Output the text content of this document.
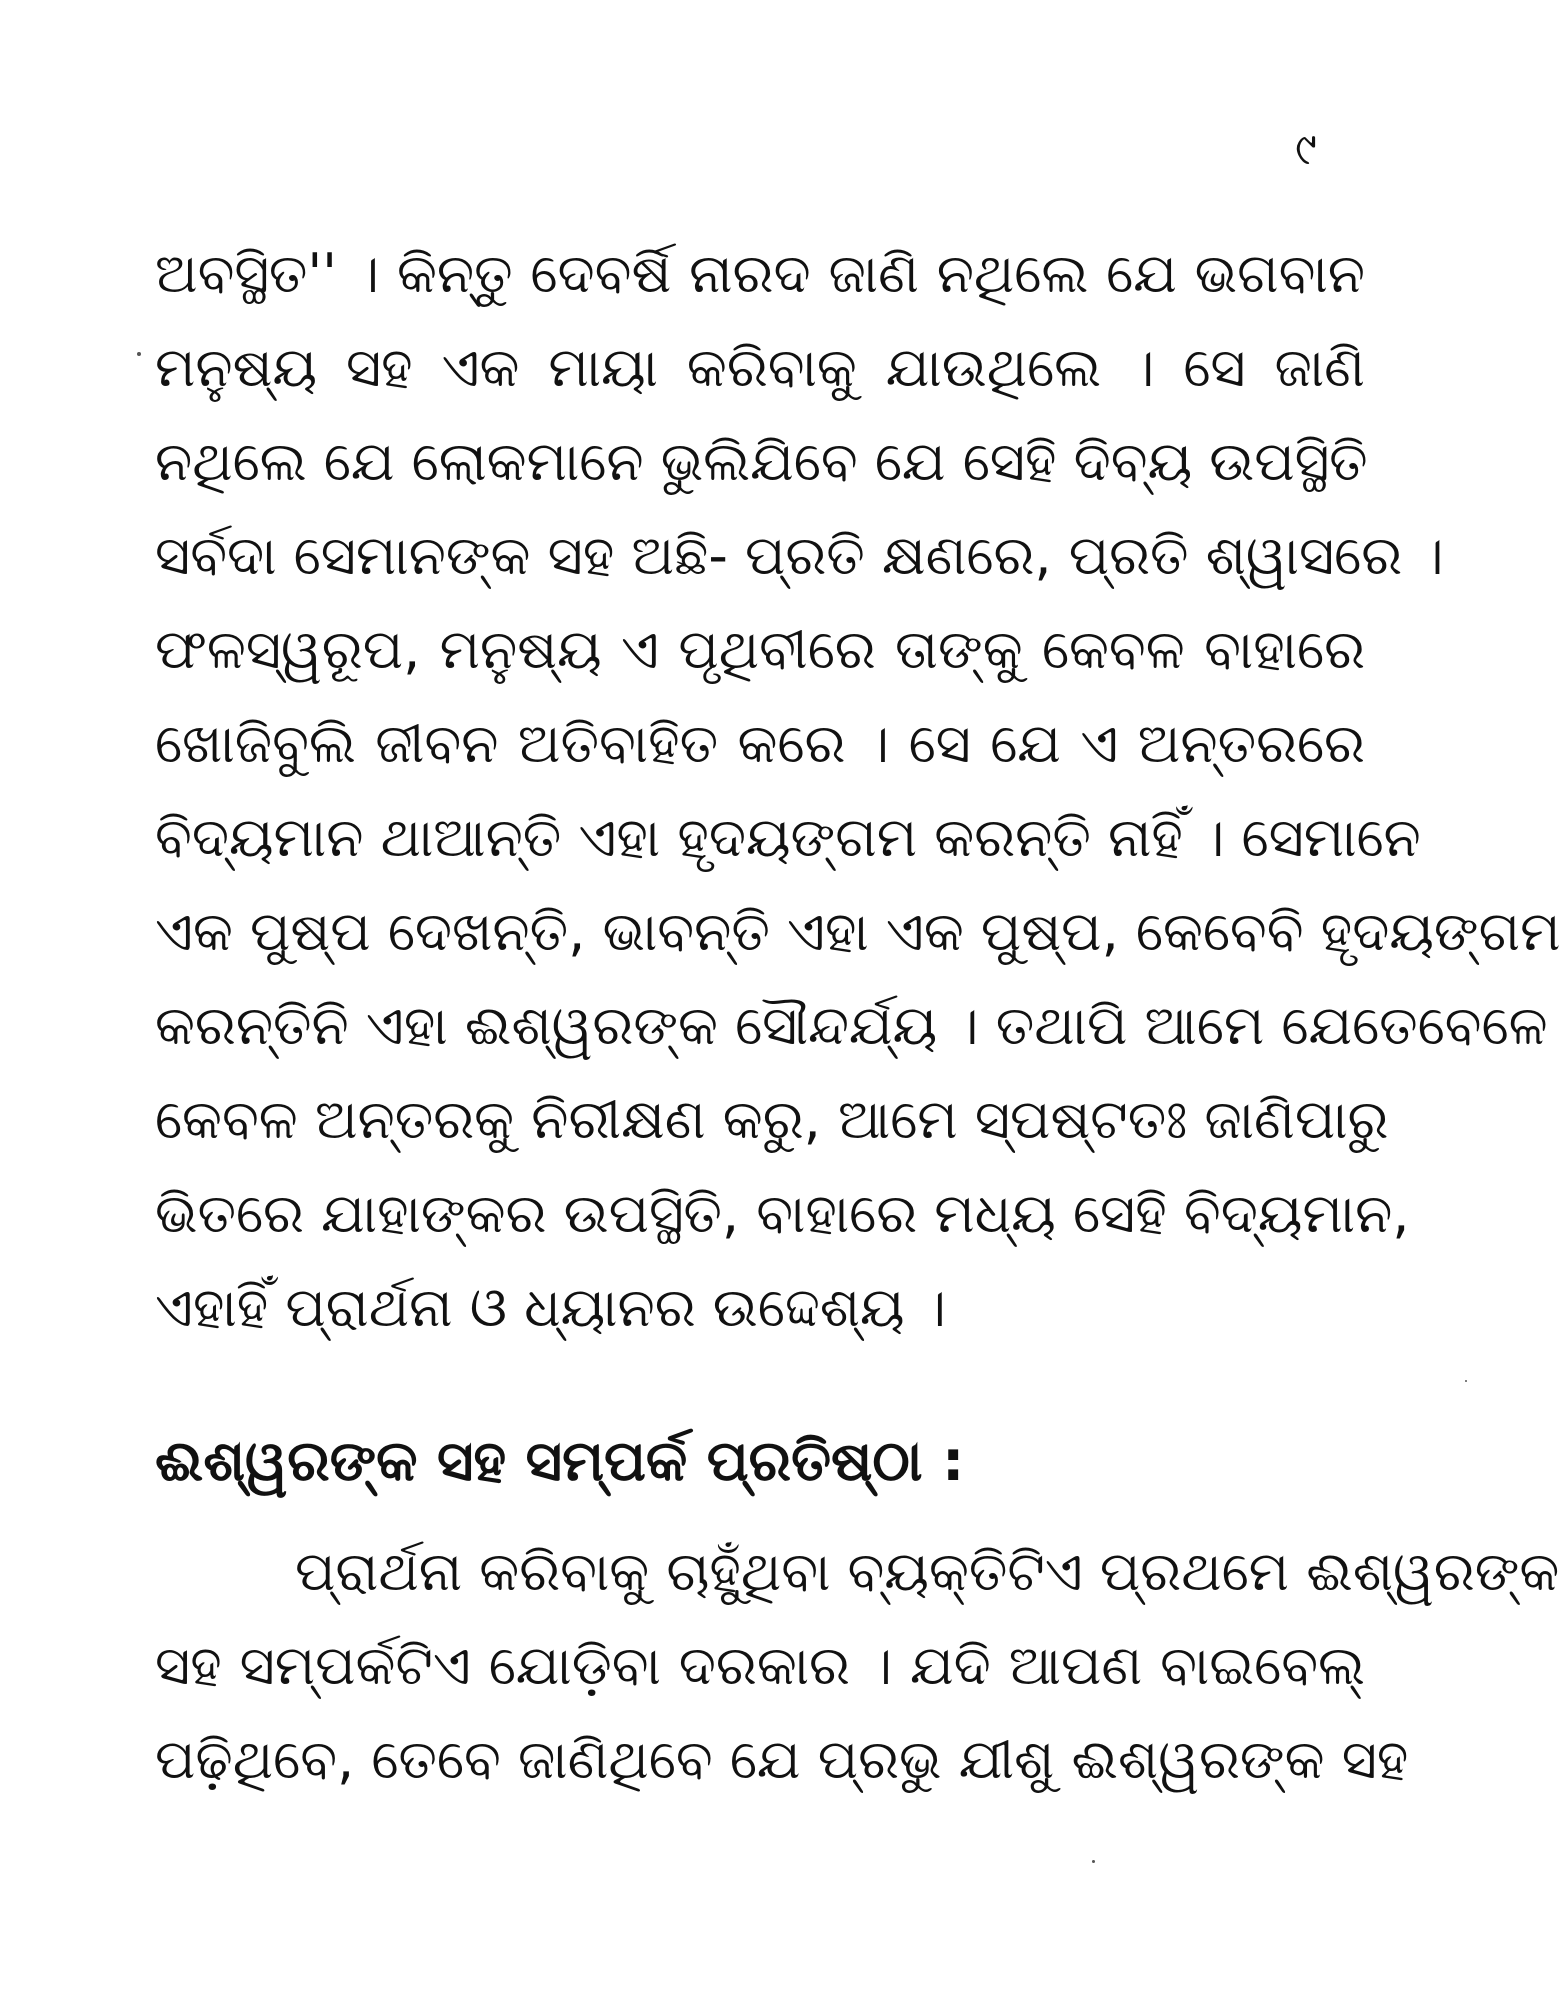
୯
ଅବସ୍ଥିତ'' । କିନ୍ତୁ ଦେବର୍ଷି ନାରଦ ଜାଣି ନଥିଲେ ଯେ ଭଗବାନ
ମନୁଷ୍ୟ ସହ ଏକ ମାୟା କରିବାକୁ ଯାଉଥିଲେ । ସେ ଜାଣି
ନଥିଲେ ଯେ ଲୋକମାନେ ଭୁଲିଯିବେ ଯେ ସେହି ଦିବ୍ୟ ଉପସ୍ଥିତି
ସର୍ବଦା ସେମାନଙ୍କ ସହ ଅଛି- ପ୍ରତି କ୍ଷଣରେ, ପ୍ରତି ଶ୍ୱାସରେ ।
ଫଳସ୍ୱରୂପ, ମନୁଷ୍ୟ ଏ ପୃଥିବୀରେ ତାଙ୍କୁ କେବଳ ବାହାରେ
ଖୋଜିବୁଲି ଜୀବନ ଅତିବାହିତ କରେ । ସେ ଯେ ଏ ଅନ୍ତରରେ
ବିଦ୍ୟମାନ ଥାଆନ୍ତି ଏହା ହୃଦୟଙ୍ଗମ କରନ୍ତି ନାହିଁ । ସେମାନେ
ଏକ ପୁଷ୍ପ ଦେଖନ୍ତି, ଭାବନ୍ତି ଏହା ଏକ ପୁଷ୍ପ, କେବେବି ହୃଦୟଙ୍ଗମ
କରନ୍ତିନି ଏହା ଈଶ୍ୱରଙ୍କ ସୌନ୍ଦର୍ଯ୍ୟ । ତଥାପି ଆମେ ଯେତେବେଳେ
କେବଳ ଅନ୍ତରକୁ ନିରୀକ୍ଷଣ କରୁ, ଆମେ ସ୍ପଷ୍ଟତଃ ଜାଣିପାରୁ
ଭିତରେ ଯାହାଙ୍କର ଉପସ୍ଥିତି, ବାହାରେ ମଧ୍ୟ ସେହି ବିଦ୍ୟମାନ,
ଏହାହିଁ ପ୍ରାର୍ଥନା ଓ ଧ୍ୟାନର ଉଦ୍ଦେଶ୍ୟ ।
ଈଶ୍ୱରଙ୍କ ସହ ସମ୍ପର୍କ ପ୍ରତିଷ୍ଠା :
ପ୍ରାର୍ଥନା କରିବାକୁ ଚାହୁଁଥିବା ବ୍ୟକ୍ତିଟିଏ ପ୍ରଥମେ ଈଶ୍ୱରଙ୍କ
ସହ ସମ୍ପର୍କଟିଏ ଯୋଡ଼ିବା ଦରକାର । ଯଦି ଆପଣ ବାଇବେଲ୍
ପଢ଼ିଥିବେ, ତେବେ ଜାଣିଥିବେ ଯେ ପ୍ରଭୁ ଯୀଶୁ ଈଶ୍ୱରଙ୍କ ସହ
